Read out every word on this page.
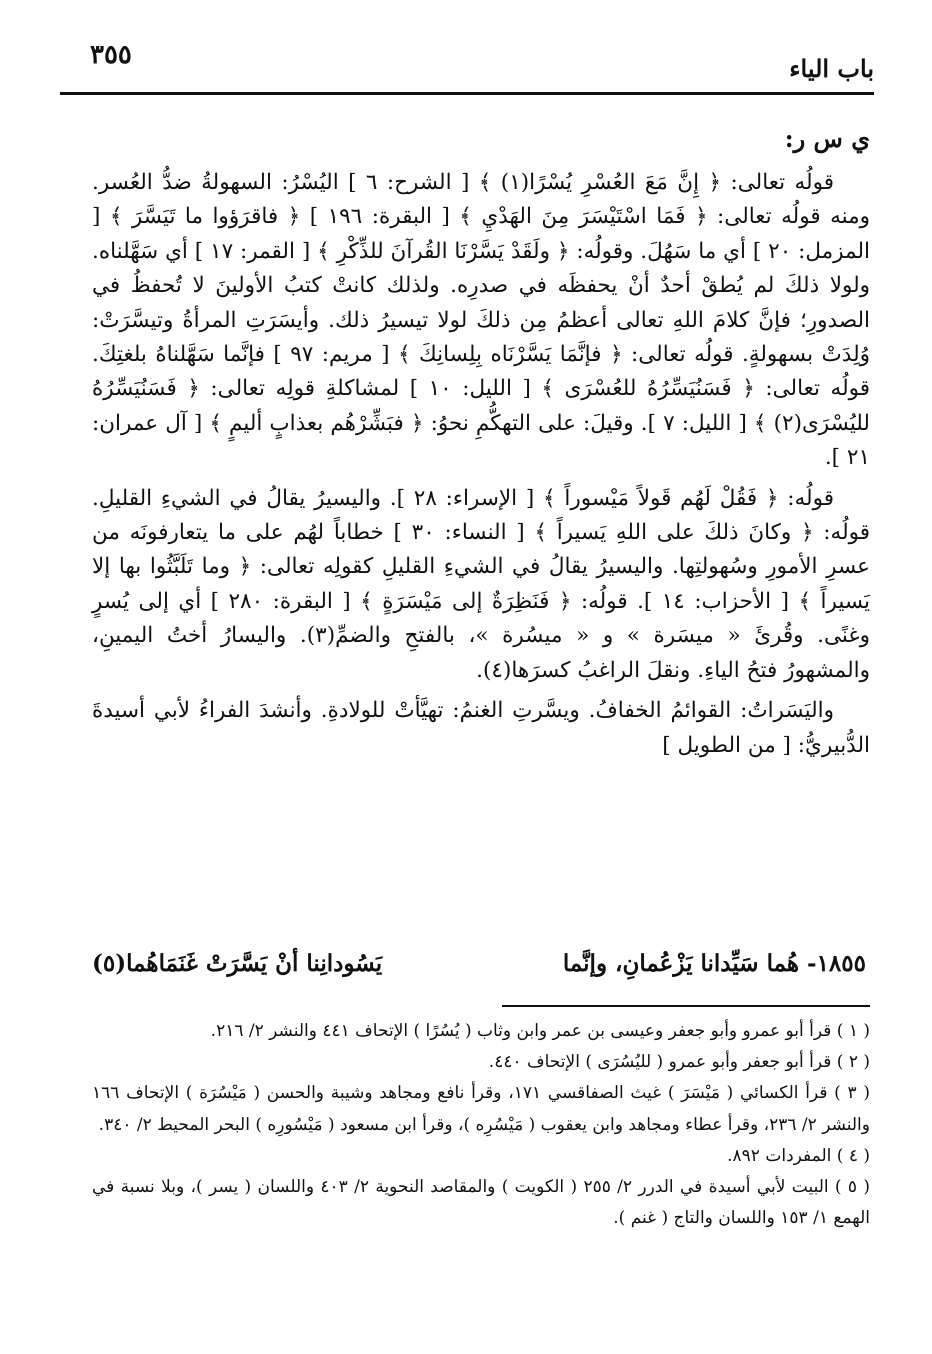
باب الياء
٣٥٥
ي س ر:

قولُه تعالى: ﴿ إِنَّ مَعَ العُسْرِ يُسْرًا(١) ﴾ [ الشرح: ٦ ] اليُسْرُ: السهولةُ ضدُّ العُسر. ومنه قولُه تعالى: ﴿ فَمَا اسْتَيْسَرَ مِنَ الهَدْيِ ﴾ [ البقرة: ١٩٦ ] ﴿ فاقرَؤوا ما تَيَسَّرَ ﴾ [ المزمل: ٢٠ ] أي ما سَهُلَ. وقولُه: ﴿ ولَقَدْ يَسَّرْنَا القُرآنَ للذِّكْرِ ﴾ [ القمر: ١٧ ] أي سَهَّلناه. ولولا ذلكَ لم يُطقْ أحدٌ أنْ يحفظَه في صدرِه. ولذلك كانتْ كتبُ الأولينَ لا تُحفظُ في الصدورِ؛ فإنَّ كلامَ اللهِ تعالى أعظمُ مِن ذلكَ لولا تيسيرُ ذلك. وأيسَرَتِ المرأةُ وتيسَّرَتْ: وُلِدَتْ بسهولةٍ. قولُه تعالى: ﴿ فإنَّمَا يَسَّرْنَاه بِلِسانِكَ ﴾ [ مريم: ٩٧ ] فإنَّما سَهَّلناهُ بلغتِكَ. قولُه تعالى: ﴿ فَسَنُيَسِّرُهُ للعُسْرَى ﴾ [ الليل: ١٠ ] لمشاكلةِ قولِه تعالى: ﴿ فَسَنُيَسِّرُهُ لليُسْرَى(٢) ﴾ [ الليل: ٧ ]. وقيلَ: على التهكُّمِ نحوُ: ﴿ فبَشِّرْهُم بعذابٍ أليمٍ ﴾ [ آل عمران: ٢١ ].

قولُه: ﴿ فَقُلْ لَهُم قَولاً مَيْسوراً ﴾ [ الإسراء: ٢٨ ]. واليسيرُ يقالُ في الشيءِ القليلِ. قولُه: ﴿ وكانَ ذلكَ على اللهِ يَسيراً ﴾ [ النساء: ٣٠ ] خطاباً لهُم على ما يتعارفونَه من عسرِ الأمورِ وسُهولتِها. واليسيرُ يقالُ في الشيءِ القليلِ كقولِه تعالى: ﴿ وما تَلَبَّثُوا بها إلا يَسيراً ﴾ [ الأحزاب: ١٤ ]. قولُه: ﴿ فَنَظِرَةٌ إلى مَيْسَرَةٍ ﴾ [ البقرة: ٢٨٠ ] أي إلى يُسرٍ وغنًى. وقُرئَ « ميسَرة » و « ميسُرة »، بالفتحِ والضمِّ(٣). واليسارُ أختُ اليمينِ، والمشهورُ فتحُ الياءِ. ونقلَ الراغبُ كسرَها(٤).

واليَسَراتُ: القوائمُ الخفافُ. ويسَّرتِ الغنمُ: تهيَّأتْ للولادةِ. وأنشدَ الفراءُ لأبي أسيدةَ الدُّبيريُّ: [ من الطويل ]

١٨٥٥- هُما سَيِّدانا يَزْعُمانِ، وإنَّما
يَسُودانِنا أنْ يَسَّرَتْ غَنَمَاهُما(٥)

( ١ ) قرأ أبو عمرو وأبو جعفر وعيسى بن عمر وابن وثاب ( يُسُرًا ) الإتحاف ٤٤١ والنشر ٢/ ٢١٦.

( ٢ ) قرأ أبو جعفر وأبو عمرو ( لليُسُرَى ) الإتحاف ٤٤٠.

( ٣ ) قرأ الكسائي ( مَيْسَرَ ) غيث الصفاقسي ١٧١، وقرأ نافع ومجاهد وشيبة والحسن ( مَيْسُرَة ) الإتحاف ١٦٦ والنشر ٢/ ٢٣٦، وقرأ عطاء ومجاهد وابن يعقوب ( مَيْسُرِه )، وقرأ ابن مسعود ( مَيْسُورِه ) البحر المحيط ٢/ ٣٤٠.

( ٤ ) المفردات ٨٩٢.

( ٥ ) البيت لأبي أسيدة في الدرر ٢/ ٢٥٥ ( الكويت ) والمقاصد النحوية ٢/ ٤٠٣ واللسان ( يسر )، وبلا نسبة في الهمع ١/ ١٥٣ واللسان والتاج ( غنم ).
